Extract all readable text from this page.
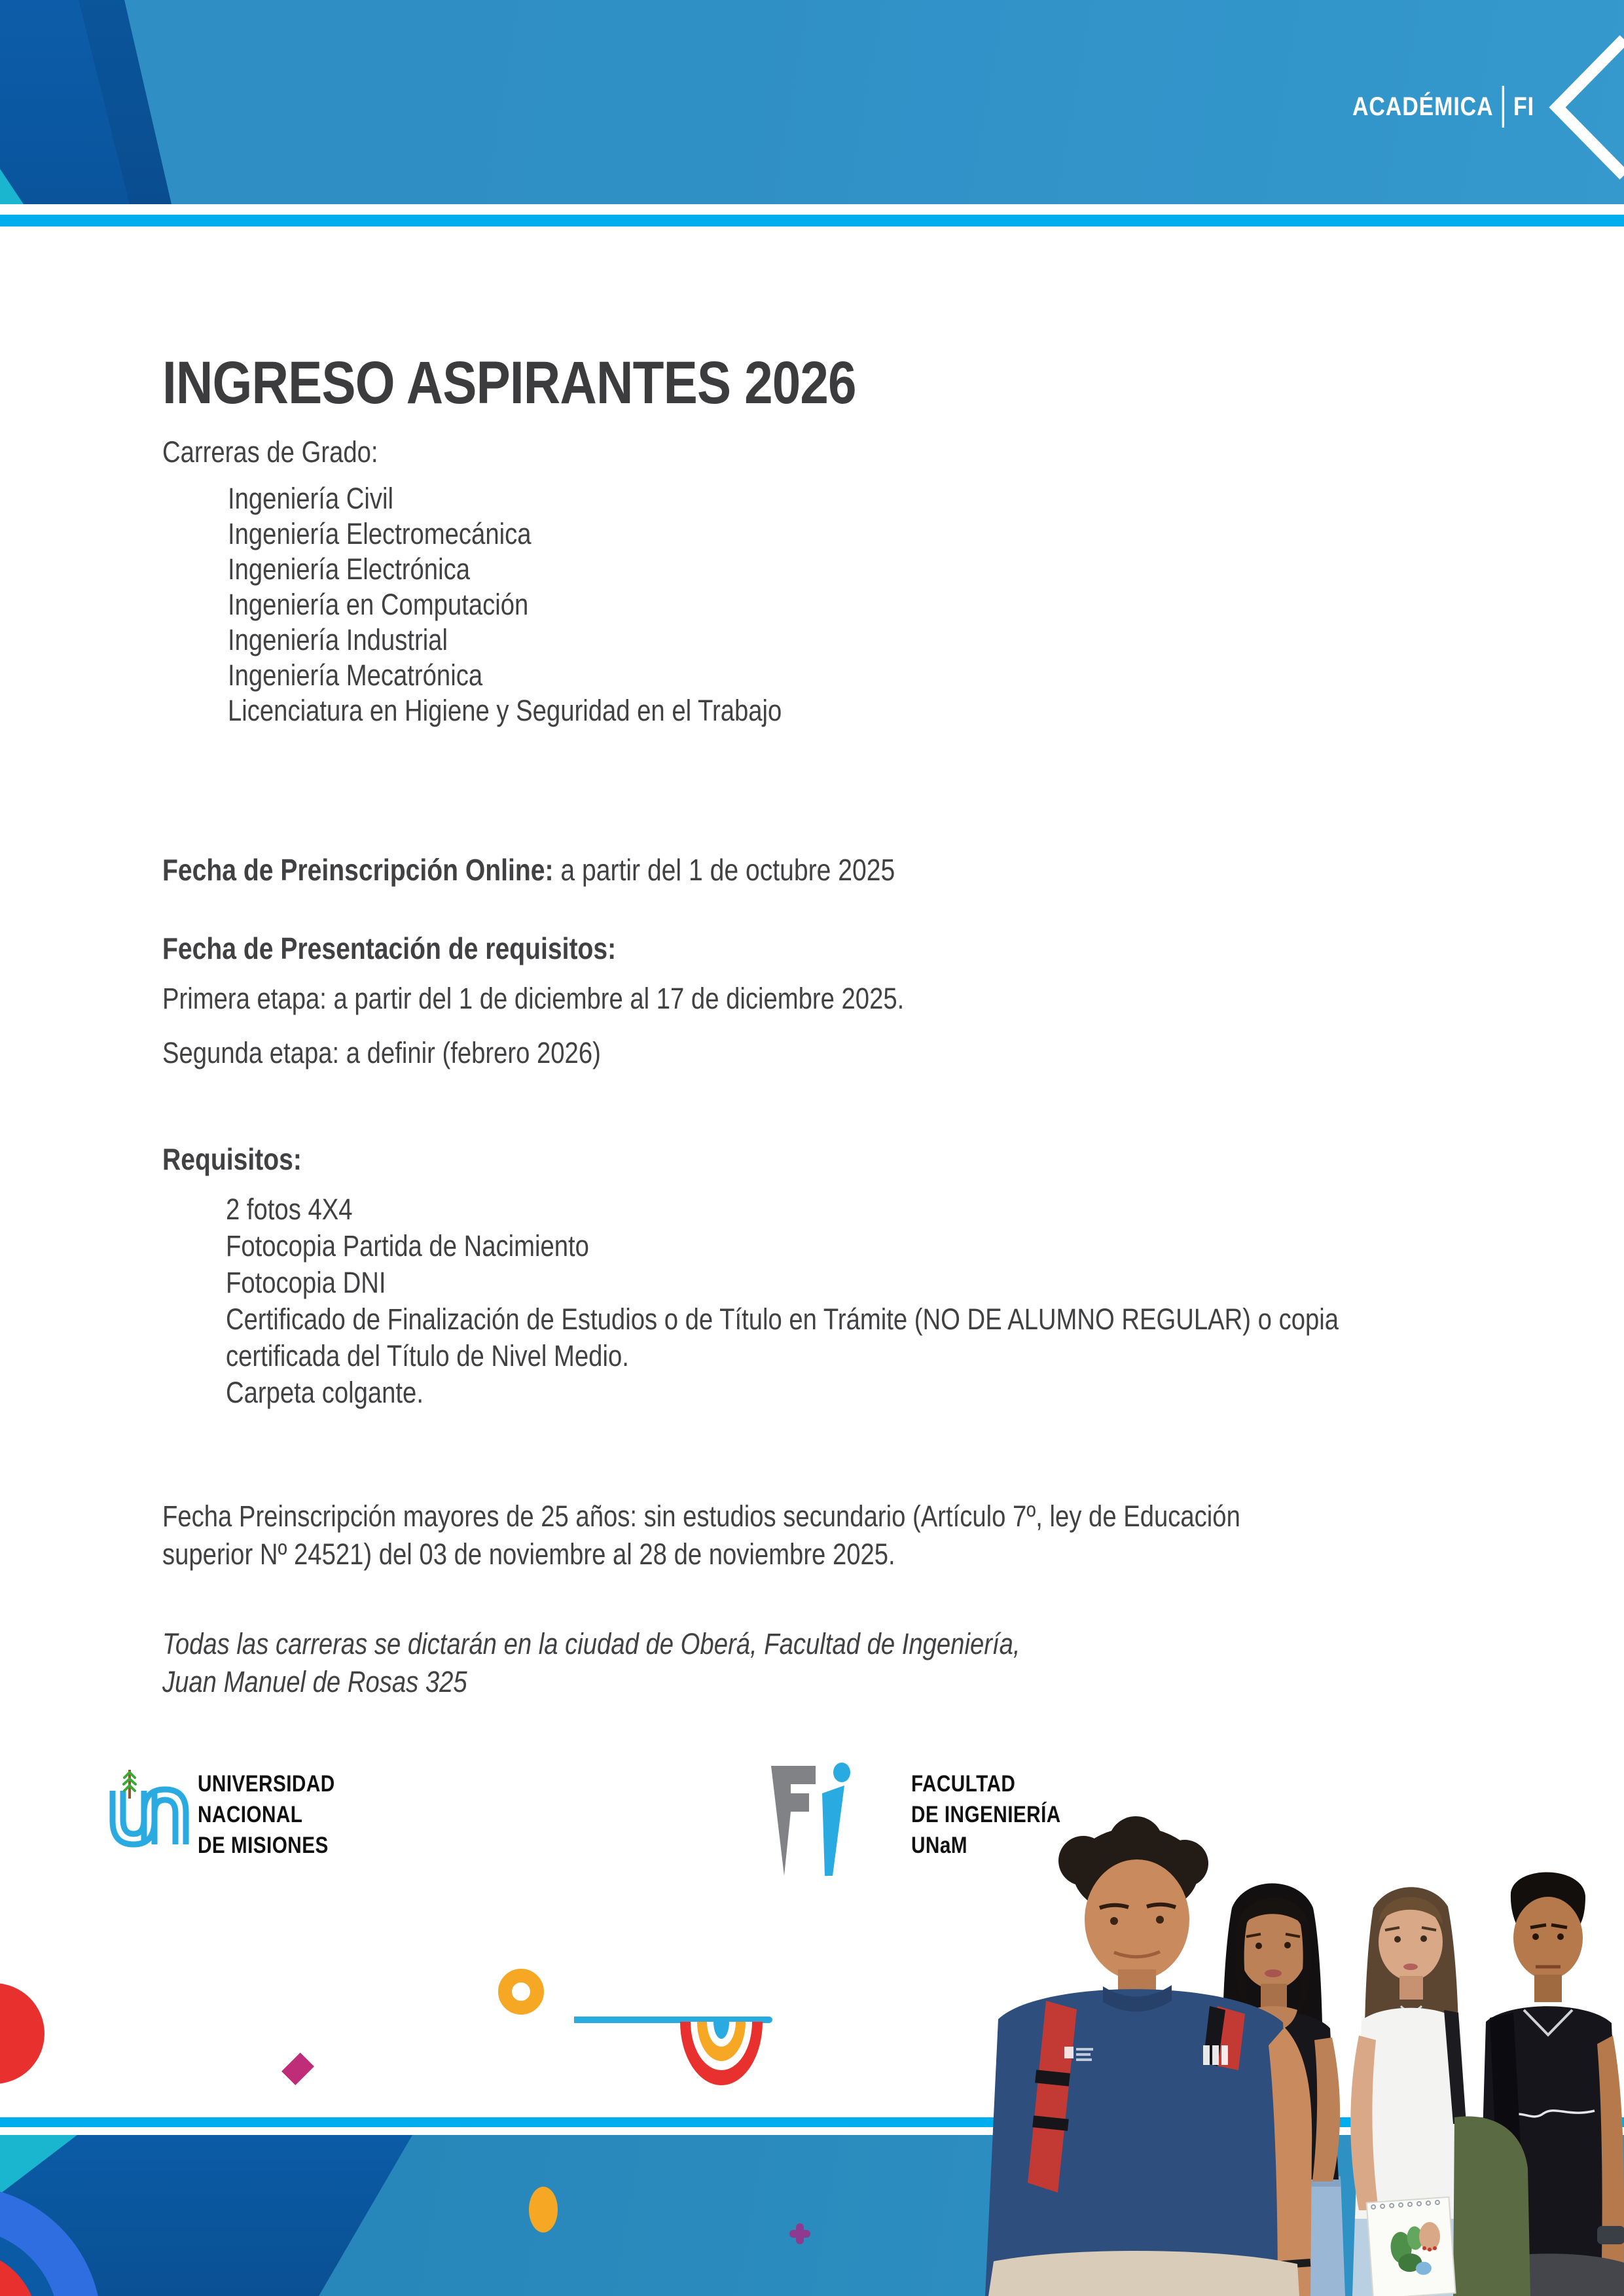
ACADÉMICA FI
INGRESO ASPIRANTES 2026

Carreras de Grado:

Ingeniería Civil
Ingeniería Electromecánica
Ingeniería Electrónica
Ingeniería en Computación
Ingeniería Industrial
Ingeniería Mecatrónica
Licenciatura en Higiene y Seguridad en el Trabajo

Fecha de Preinscripción Online: a partir del 1 de octubre 2025

Fecha de Presentación de requisitos:

Primera etapa: a partir del 1 de diciembre al 17 de diciembre 2025.

Segunda etapa: a definir (febrero 2026)

Requisitos:

2 fotos 4X4
Fotocopia Partida de Nacimiento
Fotocopia DNI
Certificado de Finalización de Estudios o de Título en Trámite (NO DE ALUMNO REGULAR) o copia certificada del Título de Nivel Medio.
Carpeta colgante.

Fecha Preinscripción mayores de 25 años: sin estudios secundario (Artículo 7º, ley de Educación superior Nº 24521) del 03 de noviembre al 28 de noviembre 2025.

Todas las carreras se dictarán en la ciudad de Oberá, Facultad de Ingeniería,

Juan Manuel de Rosas 325

UNIVERSIDAD
NACIONAL
DE MISIONES
FACULTAD
DE INGENIERÍA
UNaM
